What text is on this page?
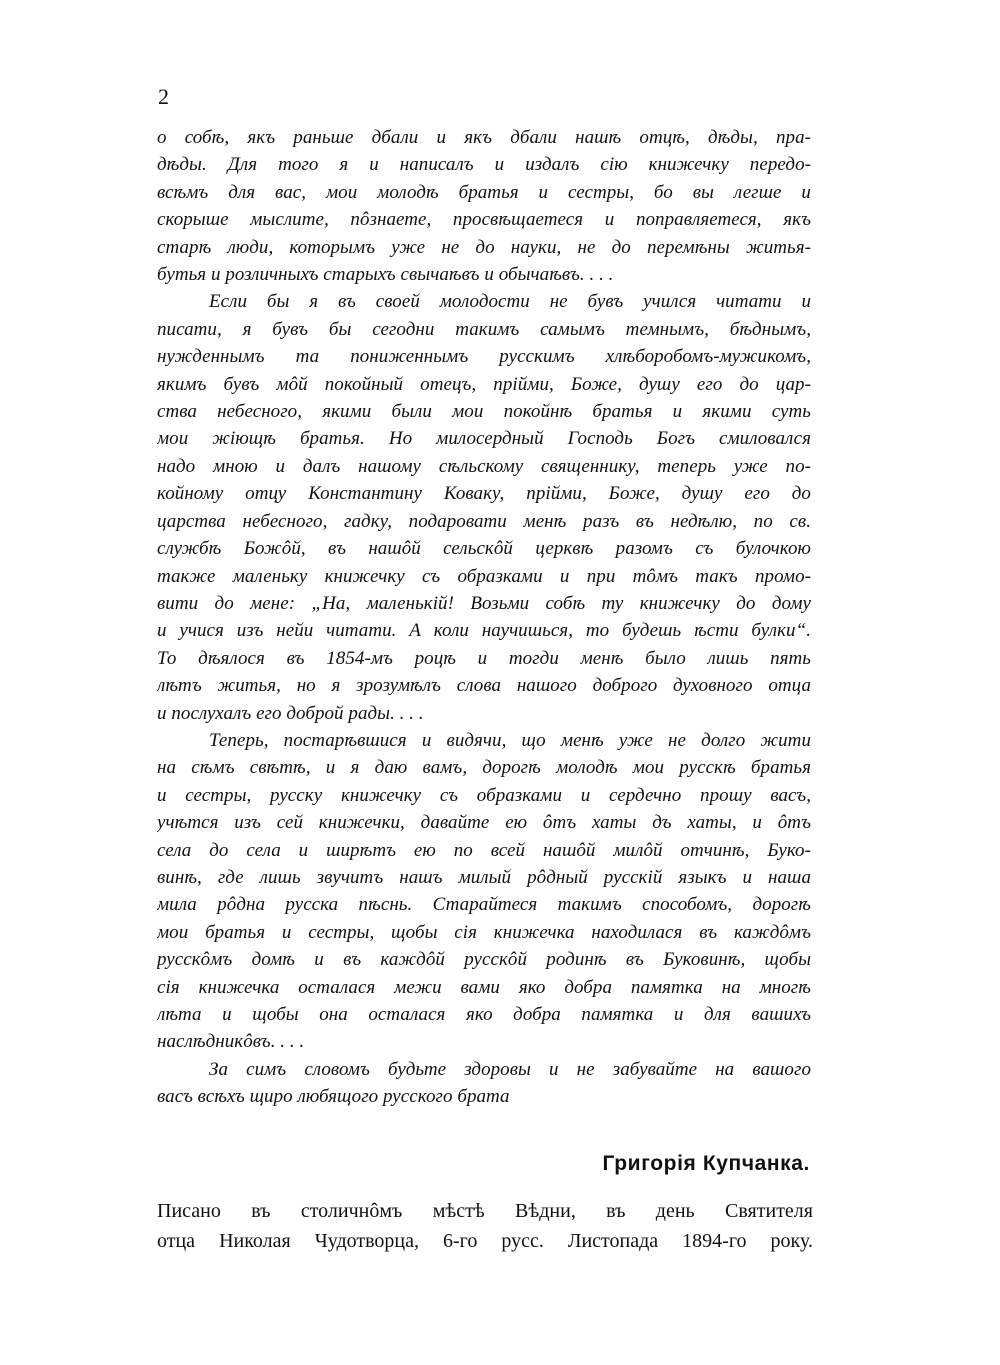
2
о собѣ, якъ раньше дбали и якъ дбали нашѣ отцѣ, дѣды, пра-
дѣды. Для того я и написалъ и издалъ сію книжечку передо-
всѣмъ для вас, мои молодѣ братья и сестры, бо вы легше и
скорыше мыслите, пôзнаете, просвѣщаетеся и поправляетеся, якъ
старѣ люди, которымъ уже не до науки, не до перемѣны житья-
бутья и розличныхъ старыхъ свычаѣвъ и обычаѣвъ. . . .
Если бы я въ своей молодости не бувъ учился читати и
писати, я бувъ бы сегодни такимъ самымъ темнымъ, бѣднымъ,
нужденнымъ та пониженнымъ русскимъ хлѣборобомъ-мужикомъ,
якимъ бувъ мôй покойный отецъ, прійми, Боже, душу его до цар-
ства небесного, якими были мои покойнѣ братья и якими суть
мои жіющѣ братья. Но милосердный Господь Богъ смиловался
надо мною и далъ нашому сѣльскому священнику, теперь уже по-
койному отцу Константину Коваку, прійми, Боже, душу его до
царства небесного, гадку, подаровати менѣ разъ въ недѣлю, по св.
службѣ Божôй, въ нашôй сельскôй церквѣ разомъ съ булочкою
также маленьку книжечку съ образками и при тôмъ такъ промо-
вити до мене: „На, маленькій! Возьми собѣ ту книжечку до дому
и учися изъ нейи читати. А коли научишься, то будешь ѣсти булки“.
То дѣялося въ 1854-мъ роцѣ и тогди менѣ было лишь пять
лѣтъ житья, но я зрозумѣлъ слова нашого доброго духовного отца
и послухалъ его доброй рады. . . .
Теперь, постарѣвшися и видячи, що менѣ уже не долго жити
на сѣмъ свѣтѣ, и я даю вамъ, дорогѣ молодѣ мои русскѣ братья
и сестры, русску книжечку съ образками и сердечно прошу васъ,
учѣтся изъ сей книжечки, давайте ею ôтъ хаты дъ хаты, и ôтъ
села до села и ширѣтъ ею по всей нашôй милôй отчинѣ, Буко-
винѣ, где лишь звучитъ нашъ милый рôдный русскій языкъ и наша
мила рôдна русска пѣснь. Старайтеся такимъ способомъ, дорогѣ
мои братья и сестры, щобы сія книжечка находилася въ каждôмъ
русскôмъ домѣ и въ каждôй русскôй родинѣ въ Буковинѣ, щобы
сія книжечка осталася межи вами яко добра памятка на многѣ
лѣта и щобы она осталася яко добра памятка и для вашихъ
наслѣдникôвъ. . . .
За симъ словомъ будьте здоровы и не забувайте на вашого
васъ всѣхъ щиро любящого русского брата
Григорія Купчанка.
Писано въ столичнôмъ мѣстѣ Вѣдни, въ день Святителя
отца Николая Чудотворца, 6-го русс. Листопада 1894-го року.
